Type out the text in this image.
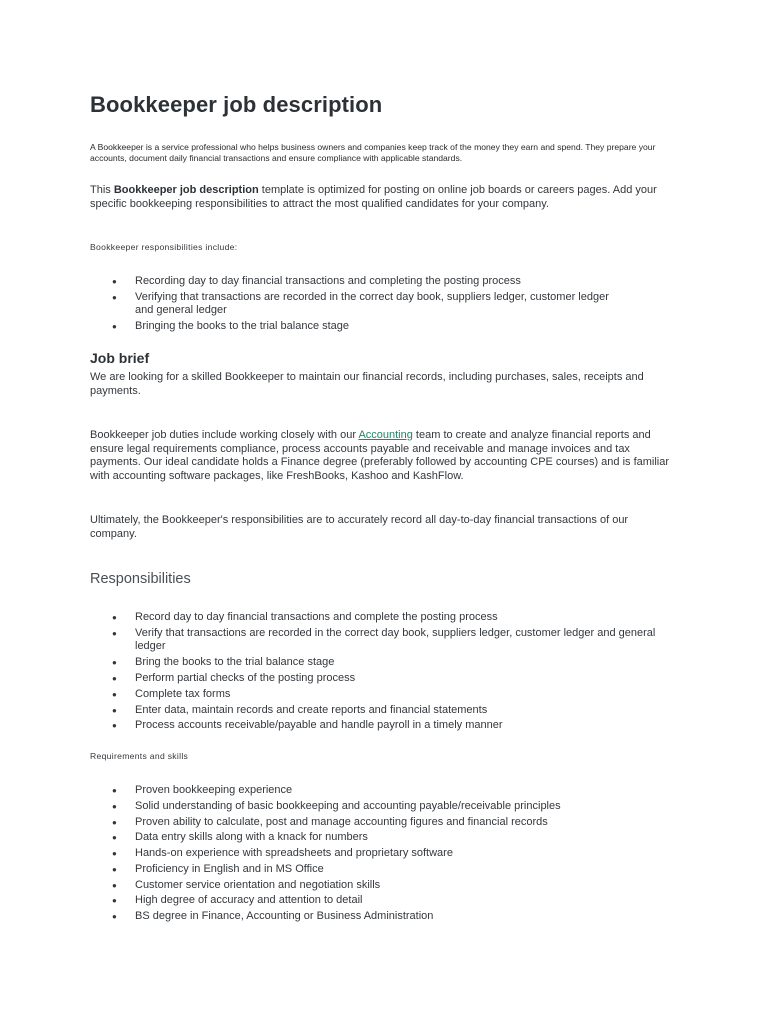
Bookkeeper job description

A Bookkeeper is a service professional who helps business owners and companies keep track of the money they earn and spend. They prepare your accounts, document daily financial transactions and ensure compliance with applicable standards.

This Bookkeeper job description template is optimized for posting on online job boards or careers pages. Add your specific bookkeeping responsibilities to attract the most qualified candidates for your company.

Bookkeeper responsibilities include:

● Recording day to day financial transactions and completing the posting process
● Verifying that transactions are recorded in the correct day book, suppliers ledger, customer ledger and general ledger
● Bringing the books to the trial balance stage
Job brief

We are looking for a skilled Bookkeeper to maintain our financial records, including purchases, sales, receipts and payments.

Bookkeeper job duties include working closely with our Accounting team to create and analyze financial reports and ensure legal requirements compliance, process accounts payable and receivable and manage invoices and tax payments. Our ideal candidate holds a Finance degree (preferably followed by accounting CPE courses) and is familiar with accounting software packages, like FreshBooks, Kashoo and KashFlow.

Ultimately, the Bookkeeper's responsibilities are to accurately record all day-to-day financial transactions of our company.

Responsibilities
● Record day to day financial transactions and complete the posting process
● Verify that transactions are recorded in the correct day book, suppliers ledger, customer ledger and general ledger
● Bring the books to the trial balance stage
● Perform partial checks of the posting process
● Complete tax forms
● Enter data, maintain records and create reports and financial statements
● Process accounts receivable/payable and handle payroll in a timely manner

Requirements and skills

● Proven bookkeeping experience
● Solid understanding of basic bookkeeping and accounting payable/receivable principles
● Proven ability to calculate, post and manage accounting figures and financial records
● Data entry skills along with a knack for numbers
● Hands-on experience with spreadsheets and proprietary software
● Proficiency in English and in MS Office
● Customer service orientation and negotiation skills
● High degree of accuracy and attention to detail
● BS degree in Finance, Accounting or Business Administration
